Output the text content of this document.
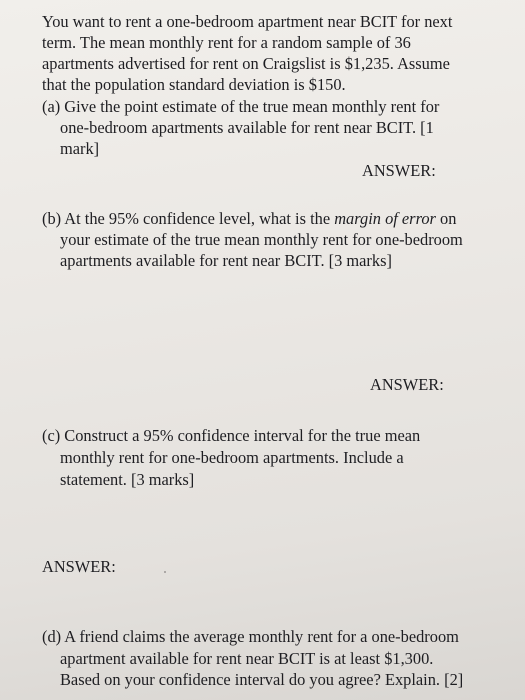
You want to rent a one-bedroom apartment near BCIT for next
term. The mean monthly rent for a random sample of 36
apartments advertised for rent on Craigslist is $1,235. Assume
that the population standard deviation is $150.
(a) Give the point estimate of the true mean monthly rent for
one-bedroom apartments available for rent near BCIT. [1
mark]
ANSWER:
(b) At the 95% confidence level, what is the margin of error on
your estimate of the true mean monthly rent for one-bedroom
apartments available for rent near BCIT. [3 marks]
ANSWER:
(c) Construct a 95% confidence interval for the true mean
monthly rent for one-bedroom apartments. Include a
statement. [3 marks]
ANSWER:
(d) A friend claims the average monthly rent for a one-bedroom
apartment available for rent near BCIT is at least $1,300.
Based on your confidence interval do you agree? Explain. [2]
